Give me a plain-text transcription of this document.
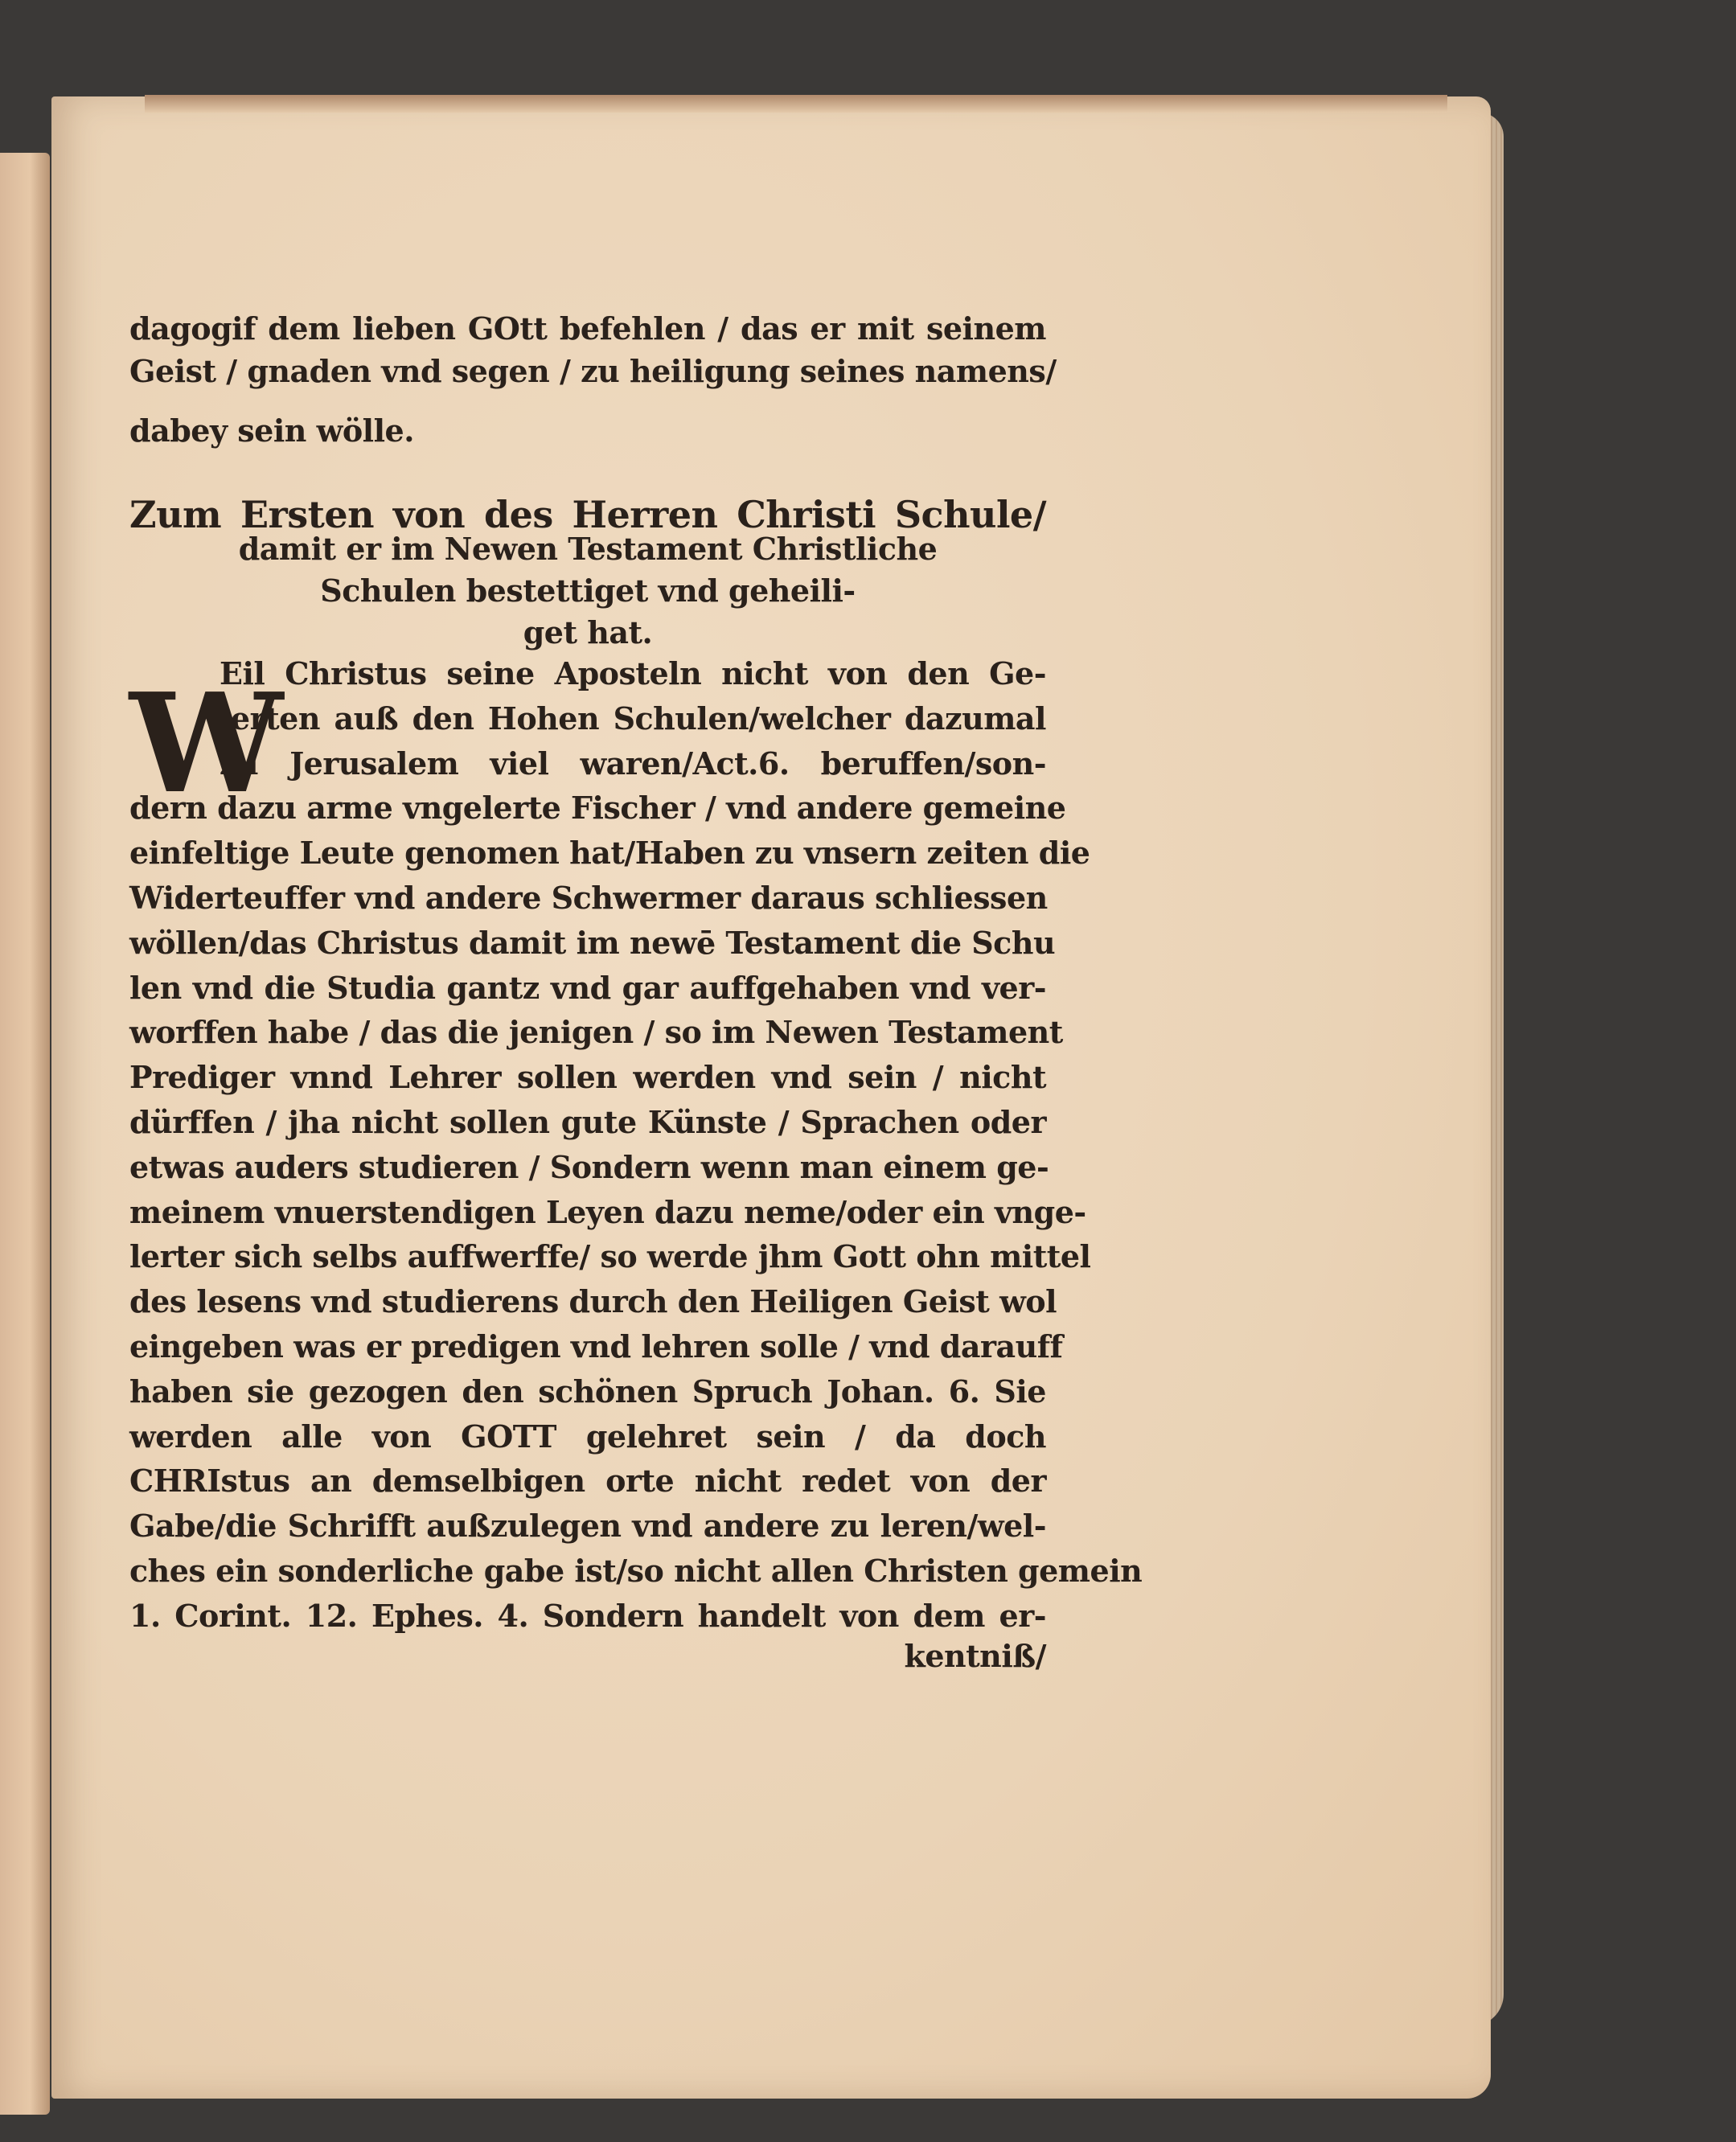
dagogif dem lieben GOtt befehlen / das er mit seinem
Geist / gnaden vnd segen / zu heiligung seines namens/
dabey sein wölle.
Zum Ersten von des Herren Christi Schule/
damit er im Newen Testament Christliche
Schulen bestettiget vnd geheili-
get hat.
Eil Christus seine Aposteln nicht von den Ge-
lerten auß den Hohen Schulen/welcher dazumal
zu Jerusalem viel waren/Act.6. beruffen/son-
dern dazu arme vngelerte Fischer / vnd andere gemeine
einfeltige Leute genomen hat/Haben zu vnsern zeiten die
Widerteuffer vnd andere Schwermer daraus schliessen
wöllen/das Christus damit im newē Testament die Schu
len vnd die Studia gantz vnd gar auffgehaben vnd ver-
worffen habe / das die jenigen / so im Newen Testament
Prediger vnnd Lehrer sollen werden vnd sein / nicht
dürffen / jha nicht sollen gute Künste / Sprachen oder
etwas auders studieren / Sondern wenn man einem ge-
meinem vnuerstendigen Leyen dazu neme/oder ein vnge-
lerter sich selbs auffwerffe/ so werde jhm Gott ohn mittel
des lesens vnd studierens durch den Heiligen Geist wol
eingeben was er predigen vnd lehren solle / vnd darauff
haben sie gezogen den schönen Spruch Johan. 6. Sie
werden alle von GOTT gelehret sein / da doch
CHRIstus an demselbigen orte nicht redet von der
Gabe/die Schrifft außzulegen vnd andere zu leren/wel-
ches ein sonderliche gabe ist/so nicht allen Christen gemein
1. Corint. 12. Ephes. 4. Sondern handelt von dem er-
kentniß/
W
